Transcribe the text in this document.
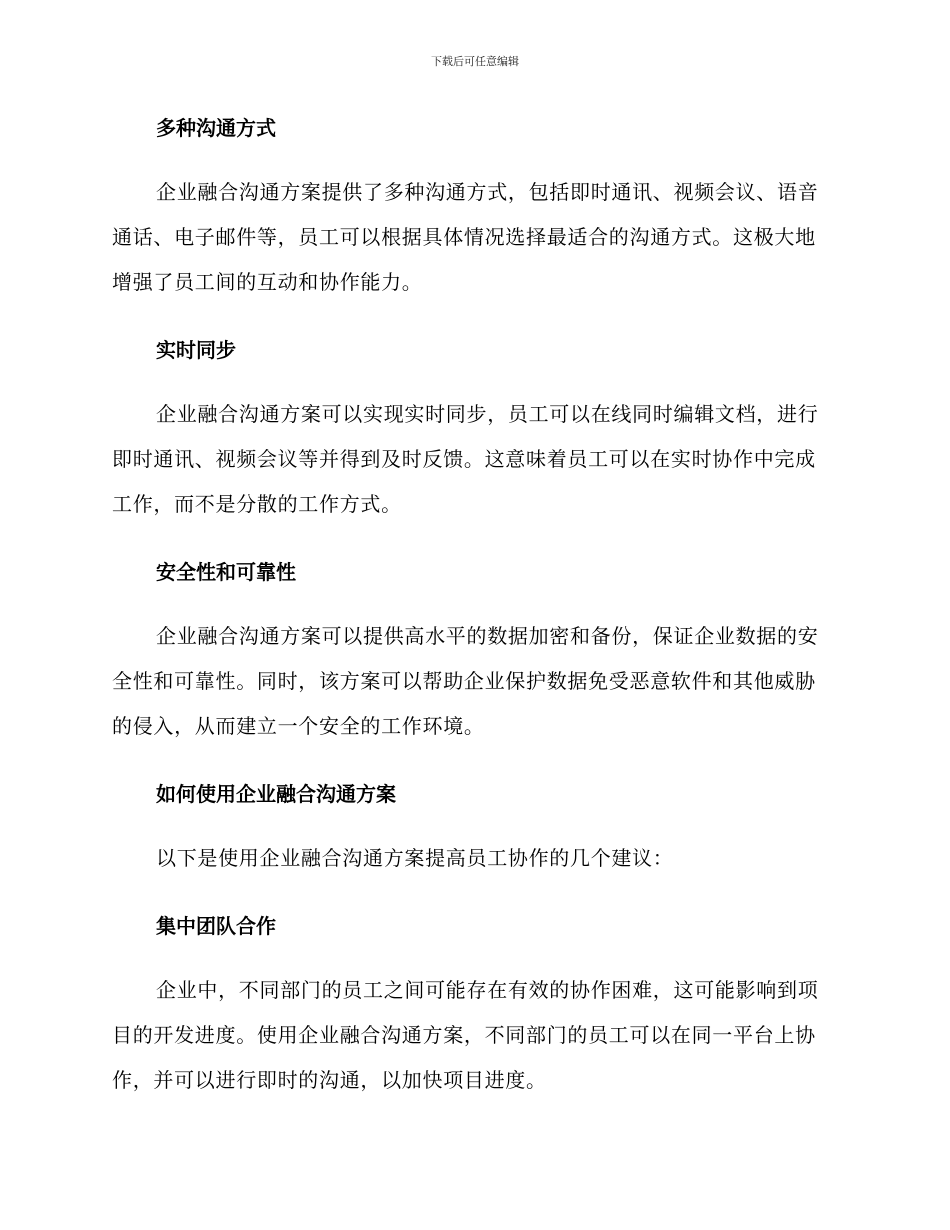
下载后可任意编辑
多种沟通方式

企业融合沟通方案提供了多种沟通方式，包括即时通讯、视频会议、语音通话、电子邮件等，员工可以根据具体情况选择最适合的沟通方式。这极大地增强了员工间的互动和协作能力。

实时同步

企业融合沟通方案可以实现实时同步，员工可以在线同时编辑文档，进行即时通讯、视频会议等并得到及时反馈。这意味着员工可以在实时协作中完成工作，而不是分散的工作方式。

安全性和可靠性

企业融合沟通方案可以提供高水平的数据加密和备份，保证企业数据的安全性和可靠性。同时，该方案可以帮助企业保护数据免受恶意软件和其他威胁的侵入，从而建立一个安全的工作环境。

如何使用企业融合沟通方案

以下是使用企业融合沟通方案提高员工协作的几个建议：

集中团队合作

企业中，不同部门的员工之间可能存在有效的协作困难，这可能影响到项目的开发进度。使用企业融合沟通方案，不同部门的员工可以在同一平台上协作，并可以进行即时的沟通，以加快项目进度。
